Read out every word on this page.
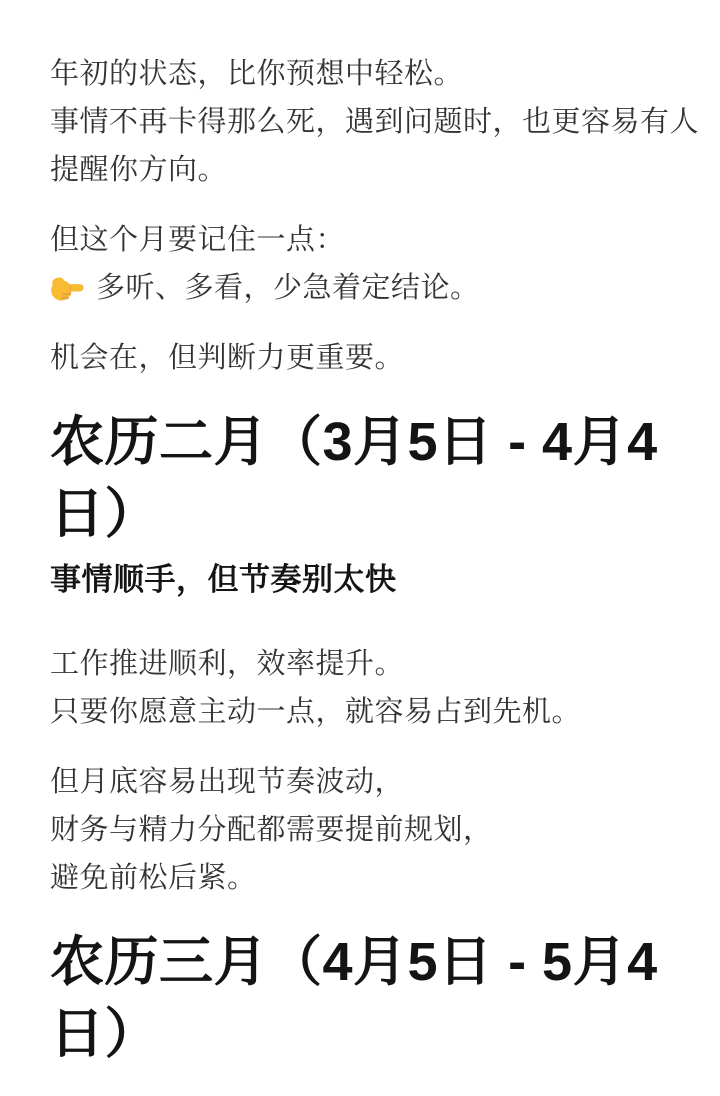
年初的状态，比你预想中轻松。
事情不再卡得那么死，遇到问题时，也更容易有人提醒你方向。

但这个月要记住一点：
多听、多看，少急着定结论。

机会在，但判断力更重要。

农历二月（3月5日 - 4月4日）
事情顺手，但节奏别太快

工作推进顺利，效率提升。
只要你愿意主动一点，就容易占到先机。

但月底容易出现节奏波动，
财务与精力分配都需要提前规划，
避免前松后紧。

农历三月（4月5日 - 5月4日）
